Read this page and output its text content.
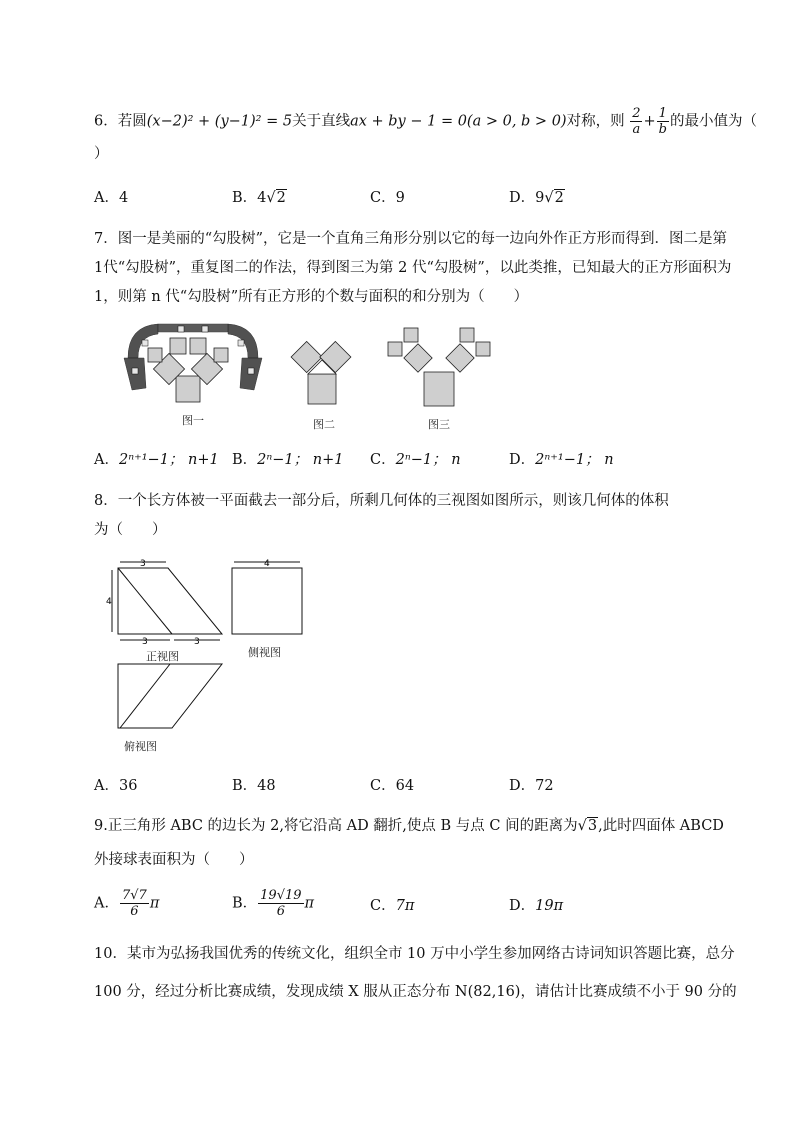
6．若圆(x−2)² + (y−1)² = 5关于直线ax + by − 1 = 0(a > 0, b > 0)对称，则 $\frac{2}{a} + \frac{1}{b}$ 的最小值为（
）
A．4	B．4√2	C．9	D．9√2
7．图一是美丽的“勾股树”，它是一个直角三角形分别以它的每一边向外作正方形而得到．图二是第
1代“勾股树”，重复图二的作法，得到图三为第 2 代“勾股树”，以此类推，已知最大的正方形面积为
1，则第 n 代“勾股树”所有正方形的个数与面积的和分别为（　　）
图一	图二	图三
A．2ⁿ⁺¹−1； n+1 B．2ⁿ−1； n+1 C．2ⁿ−1； n	D．2ⁿ⁺¹−1； n
8．一个长方体被一平面截去一部分后，所剩几何体的三视图如图所示，则该几何体的体积
为（　　）
3
4
3	3
正视图
4
侧视图
俯视图
A．36	B．48	C．64	D．72
9.正三角形 ABC 的边长为 2,将它沿高 AD 翻折,使点 B 与点 C 间的距离为√3,此时四面体 ABCD
外接球表面积为（　　）
A． $\frac{7√7}{6}$ π	B． $\frac{19√19}{6}$ π	C．7π	D．19π
10．某市为弘扬我国优秀的传统文化，组织全市 10 万中小学生参加网络古诗词知识答题比赛，总分
100 分，经过分析比赛成绩，发现成绩 X 服从正态分布 N(82,16)，请估计比赛成绩不小于 90 分的
